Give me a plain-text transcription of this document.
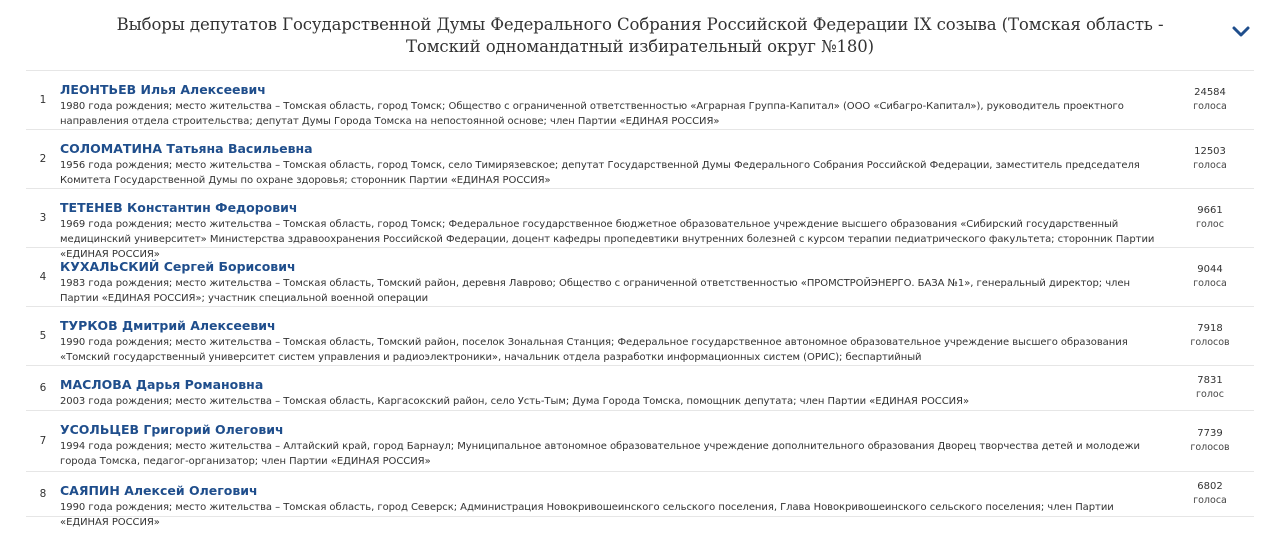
Выборы депутатов Государственной Думы Федерального Собрания Российской Федерации IX созыва (Томская область - Томский одномандатный избирательный округ №180)
1
ЛЕОНТЬЕВ Илья Алексеевич
1980 года рождения; место жительства – Томская область, город Томск; Общество с ограниченной ответственностью «Аграрная Группа-Капитал» (ООО «Сибагро-Капитал»), руководитель проектного направления отдела строительства; депутат Думы Города Томска на непостоянной основе; член Партии «ЕДИНАЯ РОССИЯ»
24584
голоса
2
СОЛОМАТИНА Татьяна Васильевна
1956 года рождения; место жительства – Томская область, город Томск, село Тимирязевское; депутат Государственной Думы Федерального Собрания Российской Федерации, заместитель председателя Комитета Государственной Думы по охране здоровья; сторонник Партии «ЕДИНАЯ РОССИЯ»
12503
голоса
3
ТЕТЕНЕВ Константин Федорович
1969 года рождения; место жительства – Томская область, город Томск; Федеральное государственное бюджетное образовательное учреждение высшего образования «Сибирский государственный медицинский университет» Министерства здравоохранения Российской Федерации, доцент кафедры пропедевтики внутренних болезней с курсом терапии педиатрического факультета; сторонник Партии «ЕДИНАЯ РОССИЯ»
9661
голос
4
КУХАЛЬСКИЙ Сергей Борисович
1983 года рождения; место жительства – Томская область, Томский район, деревня Лаврово; Общество с ограниченной ответственностью «ПРОМСТРОЙЭНЕРГО. БАЗА №1», генеральный директор; член Партии «ЕДИНАЯ РОССИЯ»; участник специальной военной операции
9044
голоса
5
ТУРКОВ Дмитрий Алексеевич
1990 года рождения; место жительства – Томская область, Томский район, поселок Зональная Станция; Федеральное государственное автономное образовательное учреждение высшего образования «Томский государственный университет систем управления и радиоэлектроники», начальник отдела разработки информационных систем (ОРИС); беспартийный
7918
голосов
6	МАСЛОВА Дарья Романовна
2003 года рождения; место жительства – Томская область, Каргасокский район, село Усть-Тым; Дума Города Томска, помощник депутата; член Партии «ЕДИНАЯ РОССИЯ»
7831
голос
7
УСОЛЬЦЕВ Григорий Олегович
1994 года рождения; место жительства – Алтайский край, город Барнаул; Муниципальное автономное образовательное учреждение дополнительного образования Дворец творчества детей и молодежи города Томска, педагог-организатор; член Партии «ЕДИНАЯ РОССИЯ»
7739
голосов
8	САЯПИН Алексей Олегович
1990 года рождения; место жительства – Томская область, город Северск; Администрация Новокривошеинского сельского поселения, Глава Новокривошеинского сельского поселения; член Партии «ЕДИНАЯ РОССИЯ»
6802
голоса
